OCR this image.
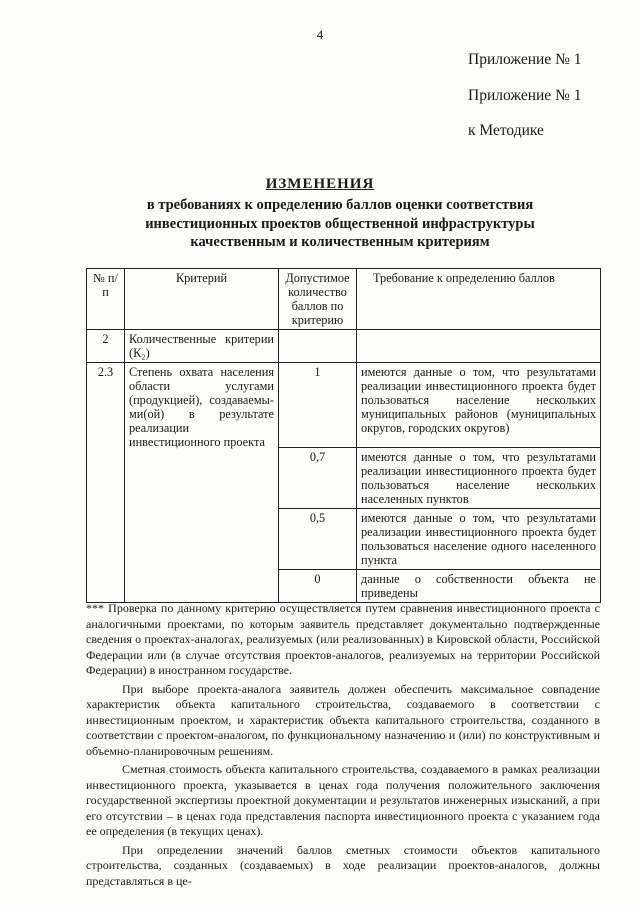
4
Приложение № 1
Приложение № 1
к Методике
ИЗМЕНЕНИЯ
в требованиях к определению баллов оценки соответствия
инвестиционных проектов общественной инфраструктуры
качественным и количественным критериям
№ п/п	Критерий	Допустимое количество баллов по критерию	Требование к определению баллов
2	Количественные критерии (К₂)		
2.3	Степень охвата населения области услугами (продукцией), создаваемы-ми(ой) в результате реализации инвестиционного проекта	1	имеются данные о том, что результатами реализации инвестиционного проекта будет пользоваться население нескольких муниципальных районов (муниципальных округов, городских округов)
		0,7	имеются данные о том, что результатами реализации инвестиционного проекта будет пользоваться население нескольких населенных пунктов
		0,5	имеются данные о том, что результатами реализации инвестиционного проекта будет пользоваться население одного населенного пункта
		0	данные о собственности объекта не приведены

*** Проверка по данному критерию осуществляется путем сравнения инвестиционного проекта с аналогичными проектами, по которым заявитель представляет документально подтвержденные сведения о проектах-аналогах, реализуемых (или реализованных) в Кировской области, Российской Федерации или (в случае отсутствия проектов-аналогов, реализуемых на территории Российской Федерации) в иностранном государстве.

При выборе проекта-аналога заявитель должен обеспечить максимальное совпадение характеристик объекта капитального строительства, создаваемого в соответствии с инвестиционным проектом, и характеристик объекта капитального строительства, созданного в соответствии с проектом-аналогом, по функциональному назначению и (или) по конструктивным и объемно-планировочным решениям.

Сметная стоимость объекта капитального строительства, создаваемого в рамках реализации инвестиционного проекта, указывается в ценах года получения положительного заключения государственной экспертизы проектной документации и результатов инженерных изысканий, а при его отсутствии – в ценах года представления паспорта инвестиционного проекта с указанием года ее определения (в текущих ценах).

При определении значений баллов сметных стоимости объектов капитального строительства, созданных (создаваемых) в ходе реализации проектов-аналогов, должны представляться в це-
